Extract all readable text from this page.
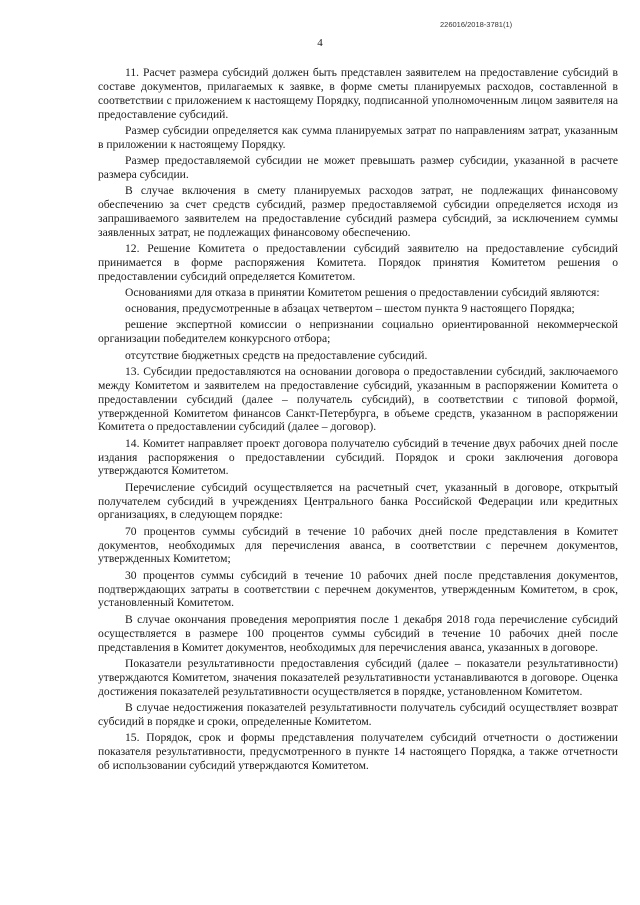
226016/2018-3781(1)
4

11. Расчет размера субсидий должен быть представлен заявителем на предоставление субсидий в составе документов, прилагаемых к заявке, в форме сметы планируемых расходов, составленной в соответствии с приложением к настоящему Порядку, подписанной уполномоченным лицом заявителя на предоставление субсидий.

Размер субсидии определяется как сумма планируемых затрат по направлениям затрат, указанным в приложении к настоящему Порядку.

Размер предоставляемой субсидии не может превышать размер субсидии, указанной в расчете размера субсидии.

В случае включения в смету планируемых расходов затрат, не подлежащих финансовому обеспечению за счет средств субсидий, размер предоставляемой субсидии определяется исходя из запрашиваемого заявителем на предоставление субсидий размера субсидий, за исключением суммы заявленных затрат, не подлежащих финансовому обеспечению.

12. Решение Комитета о предоставлении субсидий заявителю на предоставление субсидий принимается в форме распоряжения Комитета. Порядок принятия Комитетом решения о предоставлении субсидий определяется Комитетом.

Основаниями для отказа в принятии Комитетом решения о предоставлении субсидий являются:

основания, предусмотренные в абзацах четвертом – шестом пункта 9 настоящего Порядка;

решение экспертной комиссии о непризнании социально ориентированной некоммерческой организации победителем конкурсного отбора;

отсутствие бюджетных средств на предоставление субсидий.

13. Субсидии предоставляются на основании договора о предоставлении субсидий, заключаемого между Комитетом и заявителем на предоставление субсидий, указанным в распоряжении Комитета о предоставлении субсидий (далее – получатель субсидий), в соответствии с типовой формой, утвержденной Комитетом финансов Санкт-Петербурга, в объеме средств, указанном в распоряжении Комитета о предоставлении субсидий (далее – договор).

14. Комитет направляет проект договора получателю субсидий в течение двух рабочих дней после издания распоряжения о предоставлении субсидий. Порядок и сроки заключения договора утверждаются Комитетом.

Перечисление субсидий осуществляется на расчетный счет, указанный в договоре, открытый получателем субсидий в учреждениях Центрального банка Российской Федерации или кредитных организациях, в следующем порядке:

70 процентов суммы субсидий в течение 10 рабочих дней после представления в Комитет документов, необходимых для перечисления аванса, в соответствии с перечнем документов, утвержденных Комитетом;

30 процентов суммы субсидий в течение 10 рабочих дней после представления документов, подтверждающих затраты в соответствии с перечнем документов, утвержденным Комитетом, в срок, установленный Комитетом.

В случае окончания проведения мероприятия после 1 декабря 2018 года перечисление субсидий осуществляется в размере 100 процентов суммы субсидий в течение 10 рабочих дней после представления в Комитет документов, необходимых для перечисления аванса, указанных в договоре.

Показатели результативности предоставления субсидий (далее – показатели результативности) утверждаются Комитетом, значения показателей результативности устанавливаются в договоре. Оценка достижения показателей результативности осуществляется в порядке, установленном Комитетом.

В случае недостижения показателей результативности получатель субсидий осуществляет возврат субсидий в порядке и сроки, определенные Комитетом.

15. Порядок, срок и формы представления получателем субсидий отчетности о достижении показателя результативности, предусмотренного в пункте 14 настоящего Порядка, а также отчетности об использовании субсидий утверждаются Комитетом.
